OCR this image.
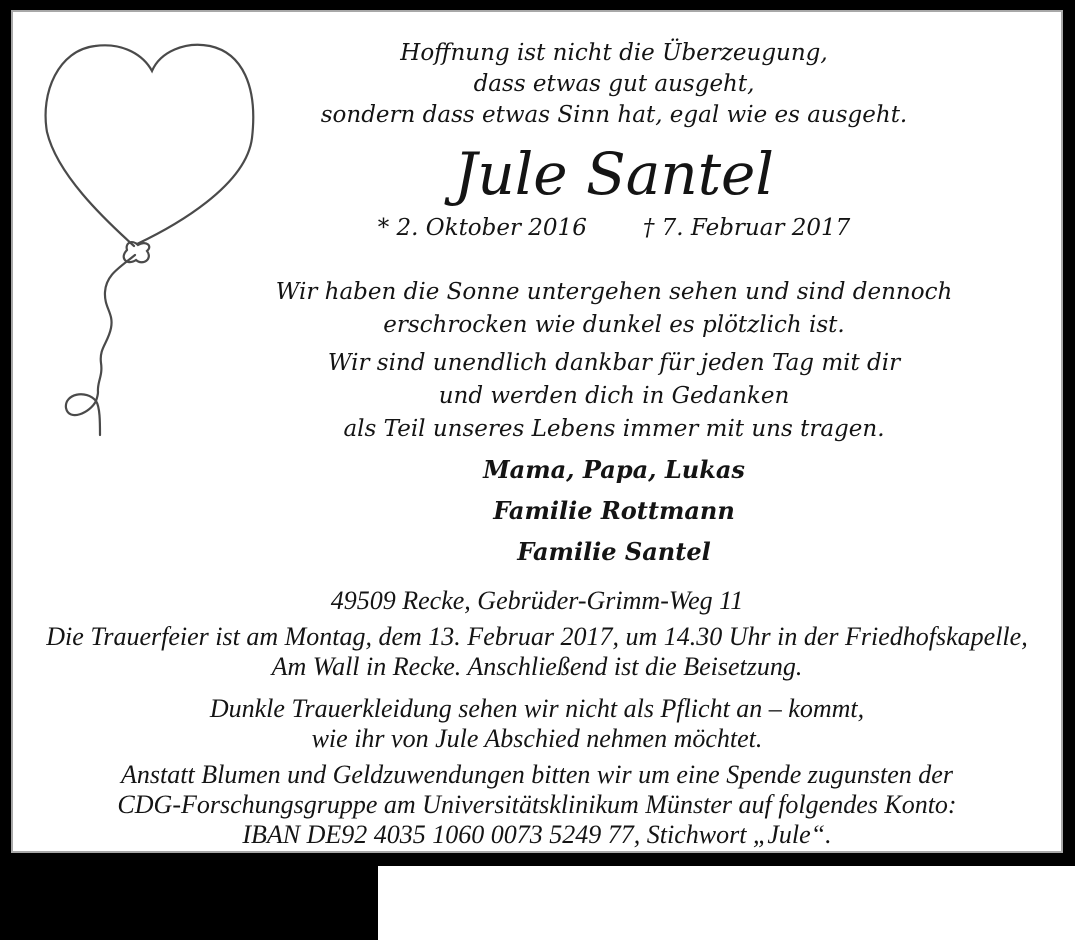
Hoffnung ist nicht die Überzeugung,
dass etwas gut ausgeht,
sondern dass etwas Sinn hat, egal wie es ausgeht.
Jule Santel
* 2. Oktober 2016 † 7. Februar 2017
Wir haben die Sonne untergehen sehen und sind dennoch
erschrocken wie dunkel es plötzlich ist.
Wir sind unendlich dankbar für jeden Tag mit dir
und werden dich in Gedanken
als Teil unseres Lebens immer mit uns tragen.
Mama, Papa, Lukas
Familie Rottmann
Familie Santel
49509 Recke, Gebrüder-Grimm-Weg 11
Die Trauerfeier ist am Montag, dem 13. Februar 2017, um 14.30 Uhr in der Friedhofskapelle,
Am Wall in Recke. Anschließend ist die Beisetzung.
Dunkle Trauerkleidung sehen wir nicht als Pflicht an – kommt,
wie ihr von Jule Abschied nehmen möchtet.
Anstatt Blumen und Geldzuwendungen bitten wir um eine Spende zugunsten der
CDG-Forschungsgruppe am Universitätsklinikum Münster auf folgendes Konto:
IBAN DE92 4035 1060 0073 5249 77, Stichwort „Jule“.
